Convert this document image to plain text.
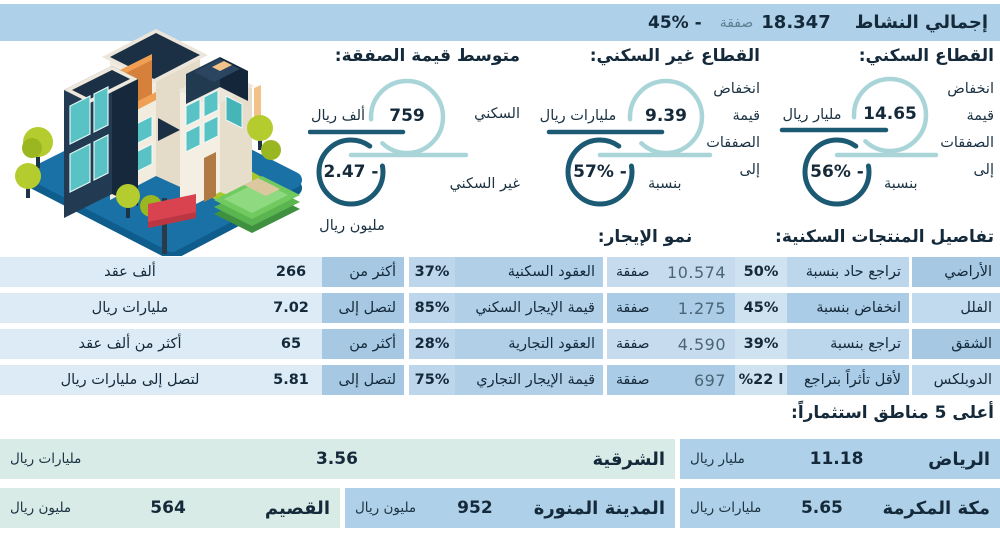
إجمالي النشاط
18.347
صفقة
- 45%
القطاع السكني:
انخفاض قيمة الصفقات إلى
14.65
مليار ريال
بنسبة
- 56%
القطاع غير السكني:
انخفاض قيمة الصفقات إلى
9.39
مليارات ريال
بنسبة
- 57%
متوسط قيمة الصفقة:
السكني
759
ألف ريال
غير السكني
- 2.47
مليون ريال
تفاصيل المنتجات السكنية:
نمو الإيجار:
الأراضي
تراجع حاد بنسبة
50%
10.574
صفقة
العقود السكنية
37%
أكثر من
266
ألف عقد
الفلل
انخفاض بنسبة
45%
1.275
صفقة
قيمة الإيجار السكني
85%
لتصل إلى
7.02
مليارات ريال
الشقق
تراجع بنسبة
39%
4.590
صفقة
العقود التجارية
28%
أكثر من
65
أكثر من ألف عقد
الدوبلكس
لأقل تأثراً بتراجع
ا 22%
697
صفقة
قيمة الإيجار التجاري
75%
لتصل إلى
5.81
لتصل إلى مليارات ريال
أعلى 5 مناطق استثماراً:
الرياض
11.18
مليار ريال
الشرقية
3.56
مليارات ريال
مكة المكرمة
5.65
مليارات ريال
المدينة المنورة
952
مليون ريال
القصيم
564
مليون ريال
